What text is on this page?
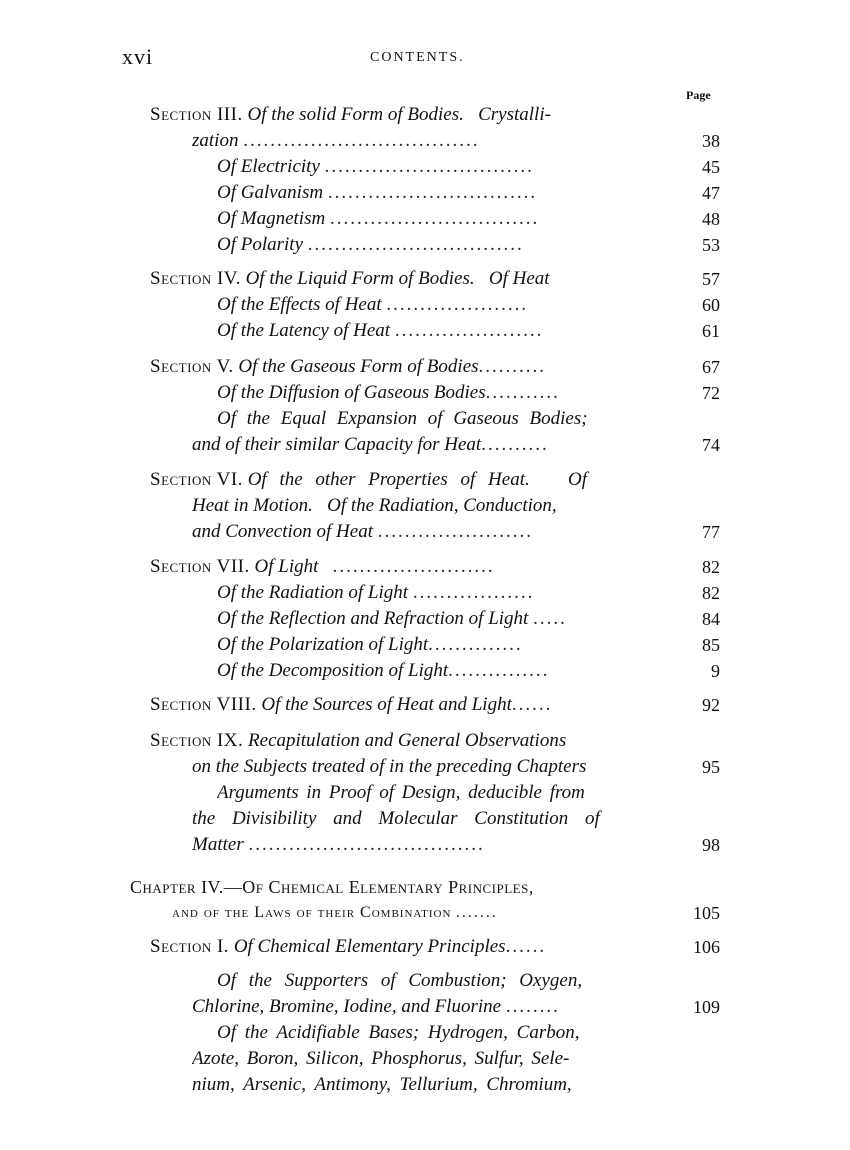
xvi	CONTENTS.
Page
Section III. Of the solid Form of Bodies.   Crystalli-
zation ...................................	38
Of Electricity ...............................	45
Of Galvanism ...............................	47
Of Magnetism ...............................	48
Of Polarity ................................	53
Section IV. Of the Liquid Form of Bodies.   Of Heat	57
Of the Effects of Heat .....................	60
Of the Latency of Heat ......................	61
Section V. Of the Gaseous Form of Bodies..........	67
Of the Diffusion of Gaseous Bodies...........	72
Of the Equal Expansion of Gaseous Bodies;
and of their similar Capacity for Heat..........	74
Section VI. Of the other Properties of Heat.   Of
Heat in Motion.   Of the Radiation, Conduction,
and Convection of Heat .......................	77
Section VII. Of Light ........................	82
Of the Radiation of Light ..................	82
Of the Reflection and Refraction of Light .....	84
Of the Polarization of Light..............	85
Of the Decomposition of Light...............	9
Section VIII. Of the Sources of Heat and Light......	92
Section IX. Recapitulation and General Observations
on the Subjects treated of in the preceding Chapters	95
Arguments in Proof of Design, deducible from
the Divisibility and Molecular Constitution of
Matter ...................................	98
Chapter IV.—Of Chemical Elementary Principles,
and of the Laws of their Combination .......	105
Section I. Of Chemical Elementary Principles......	106
Of the Supporters of Combustion; Oxygen,
Chlorine, Bromine, Iodine, and Fluorine ........	109
Of the Acidifiable Bases; Hydrogen, Carbon,
Azote, Boron, Silicon, Phosphorus, Sulfur, Sele-
nium, Arsenic, Antimony, Tellurium, Chromium,
